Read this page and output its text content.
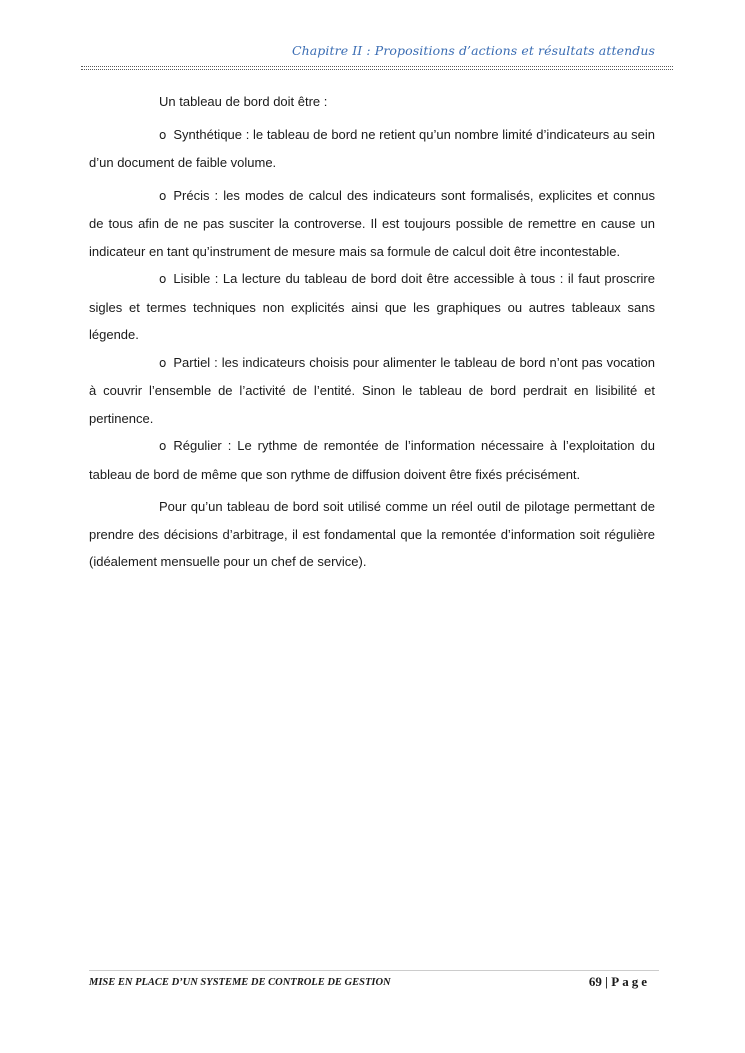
Chapitre II : Propositions d’actions et résultats attendus

Un tableau de bord doit être :

o Synthétique : le tableau de bord ne retient qu’un nombre limité d’indicateurs au sein d’un document de faible volume.

o Précis : les modes de calcul des indicateurs sont formalisés, explicites et connus de tous afin de ne pas susciter la controverse. Il est toujours possible de remettre en cause un indicateur en tant qu’instrument de mesure mais sa formule de calcul doit être incontestable.

o Lisible : La lecture du tableau de bord doit être accessible à tous : il faut proscrire sigles et termes techniques non explicités ainsi que les graphiques ou autres tableaux sans légende.

o Partiel : les indicateurs choisis pour alimenter le tableau de bord n’ont pas vocation à couvrir l’ensemble de l’activité de l’entité. Sinon le tableau de bord perdrait en lisibilité et pertinence.

o Régulier : Le rythme de remontée de l’information nécessaire à l’exploitation du tableau de bord de même que son rythme de diffusion doivent être fixés précisément.

Pour qu’un tableau de bord soit utilisé comme un réel outil de pilotage permettant de prendre des décisions d’arbitrage, il est fondamental que la remontée d’information soit régulière (idéalement mensuelle pour un chef de service).

MISE EN PLACE D’UN SYSTEME DE CONTROLE DE GESTION	69 | Page
